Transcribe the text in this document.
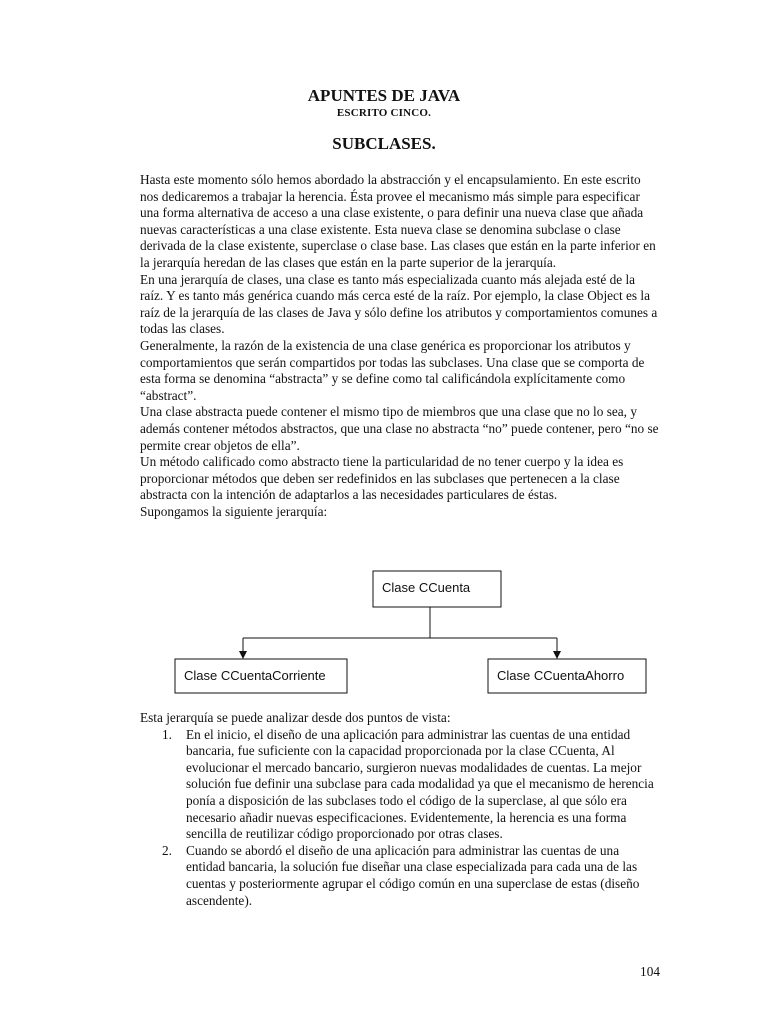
APUNTES DE JAVA
ESCRITO CINCO.
SUBCLASES.

Hasta este momento sólo hemos abordado la abstracción y el encapsulamiento. En este escrito nos dedicaremos a trabajar la herencia. Ésta provee el mecanismo más simple para especificar una forma alternativa de acceso a una clase existente, o para definir una nueva clase que añada nuevas características a una clase existente. Esta nueva clase se denomina subclase o clase derivada de la clase existente, superclase o clase base. Las clases que están en la parte inferior en la jerarquía heredan de las clases que están en la parte superior de la jerarquía.

En una jerarquía de clases, una clase es tanto más especializada cuanto más alejada esté de la raíz. Y es tanto más genérica cuando más cerca esté de la raíz. Por ejemplo, la clase Object es la raíz de la jerarquía de las clases de Java y sólo define los atributos y comportamientos comunes a todas las clases.

Generalmente, la razón de la existencia de una clase genérica es proporcionar los atributos y comportamientos que serán compartidos por todas las subclases. Una clase que se comporta de esta forma se denomina “abstracta” y se define como tal calificándola explícitamente como “abstract”.

Una clase abstracta puede contener el mismo tipo de miembros que una clase que no lo sea, y además contener métodos abstractos, que una clase no abstracta “no” puede contener, pero “no se permite crear objetos de ella”.

Un método calificado como abstracto tiene la particularidad de no tener cuerpo y la idea es proporcionar métodos que deben ser redefinidos en las subclases que pertenecen a la clase abstracta con la intención de adaptarlos a las necesidades particulares de éstas.

Supongamos la siguiente jerarquía:

Clase CCuenta
Clase CCuentaCorriente	Clase CCuentaAhorro

Esta jerarquía se puede analizar desde dos puntos de vista:

1. En el inicio, el diseño de una aplicación para administrar las cuentas de una entidad bancaria, fue suficiente con la capacidad proporcionada por la clase CCuenta, Al evolucionar el mercado bancario, surgieron nuevas modalidades de cuentas. La mejor solución fue definir una subclase para cada modalidad ya que el mecanismo de herencia ponía a disposición de las subclases todo el código de la superclase, al que sólo era necesario añadir nuevas especificaciones. Evidentemente, la herencia es una forma sencilla de reutilizar código proporcionado por otras clases.
2. Cuando se abordó el diseño de una aplicación para administrar las cuentas de una entidad bancaria, la solución fue diseñar una clase especializada para cada una de las cuentas y posteriormente agrupar el código común en una superclase de estas (diseño ascendente).
104
